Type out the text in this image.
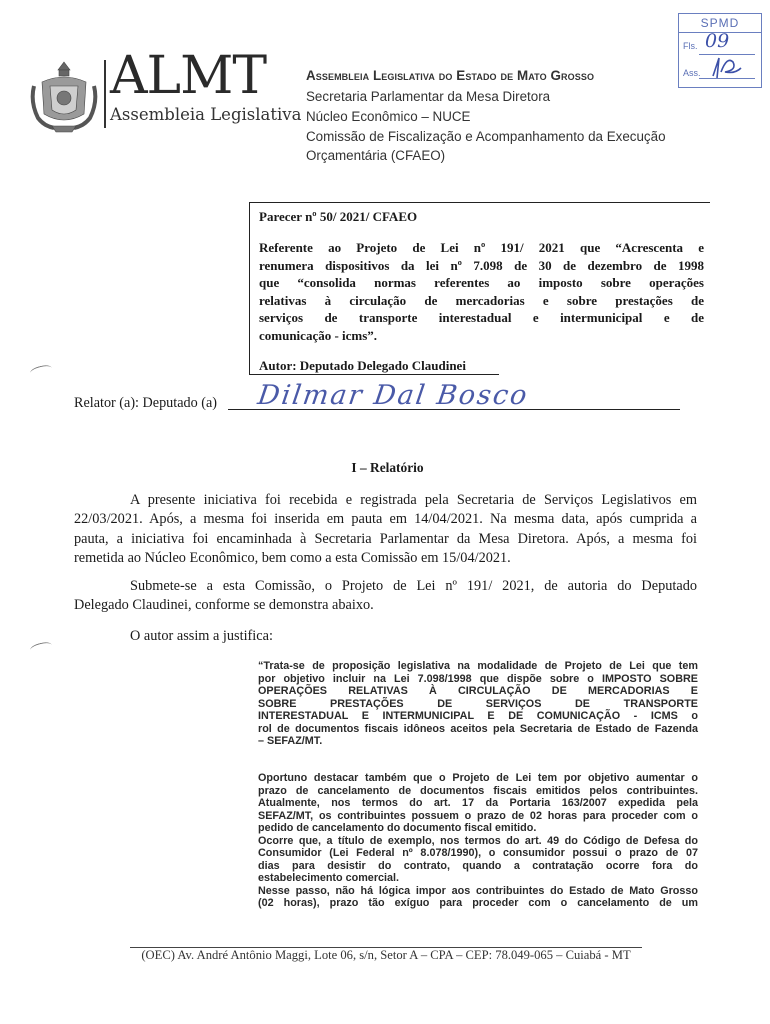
SPMD
Fls. 09
Ass.
ALMT
Assembleia Legislativa
Assembleia Legislativa do Estado de Mato Grosso
Secretaria Parlamentar da Mesa Diretora
Núcleo Econômico – NUCE
Comissão de Fiscalização e Acompanhamento da Execução
Orçamentária (CFAEO)
Parecer nº 50/ 2021/ CFAEO
Referente ao Projeto de Lei nº 191/ 2021 que “Acrescenta e
renumera dispositivos da lei nº 7.098 de 30 de dezembro de 1998
que “consolida normas referentes ao imposto sobre operações
relativas à circulação de mercadorias e sobre prestações de
serviços de transporte interestadual e intermunicipal e de
comunicação - icms”.
Autor: Deputado Delegado Claudinei
Relator (a): Deputado (a) Dilmar Dal Bosco
I – Relatório
A presente iniciativa foi recebida e registrada pela Secretaria de Serviços Legislativos em
22/03/2021. Após, a mesma foi inserida em pauta em 14/04/2021. Na mesma data, após cumprida a
pauta, a iniciativa foi encaminhada à Secretaria Parlamentar da Mesa Diretora. Após, a mesma foi
remetida ao Núcleo Econômico, bem como a esta Comissão em 15/04/2021.
Submete-se a esta Comissão, o Projeto de Lei nº 191/ 2021, de autoria do Deputado
Delegado Claudinei, conforme se demonstra abaixo.
O autor assim a justifica:
“Trata-se de proposição legislativa na modalidade de Projeto de Lei que tem
por objetivo incluir na Lei 7.098/1998 que dispõe sobre o IMPOSTO SOBRE
OPERAÇÕES RELATIVAS À CIRCULAÇÃO DE MERCADORIAS E
SOBRE PRESTAÇÕES DE SERVIÇOS DE TRANSPORTE
INTERESTADUAL E INTERMUNICIPAL E DE COMUNICAÇÃO - ICMS o
rol de documentos fiscais idôneos aceitos pela Secretaria de Estado de Fazenda
– SEFAZ/MT.
Oportuno destacar também que o Projeto de Lei tem por objetivo aumentar o
prazo de cancelamento de documentos fiscais emitidos pelos contribuintes.
Atualmente, nos termos do art. 17 da Portaria 163/2007 expedida pela
SEFAZ/MT, os contribuintes possuem o prazo de 02 horas para proceder com o
pedido de cancelamento do documento fiscal emitido.
Ocorre que, a título de exemplo, nos termos do art. 49 do Código de Defesa do
Consumidor (Lei Federal nº 8.078/1990), o consumidor possui o prazo de 07
dias para desistir do contrato, quando a contratação ocorre fora do
estabelecimento comercial.
Nesse passo, não há lógica impor aos contribuintes do Estado de Mato Grosso
(02 horas), prazo tão exíguo para proceder com o cancelamento de um
(OEC) Av. André Antônio Maggi, Lote 06, s/n, Setor A – CPA – CEP: 78.049-065 – Cuiabá - MT
